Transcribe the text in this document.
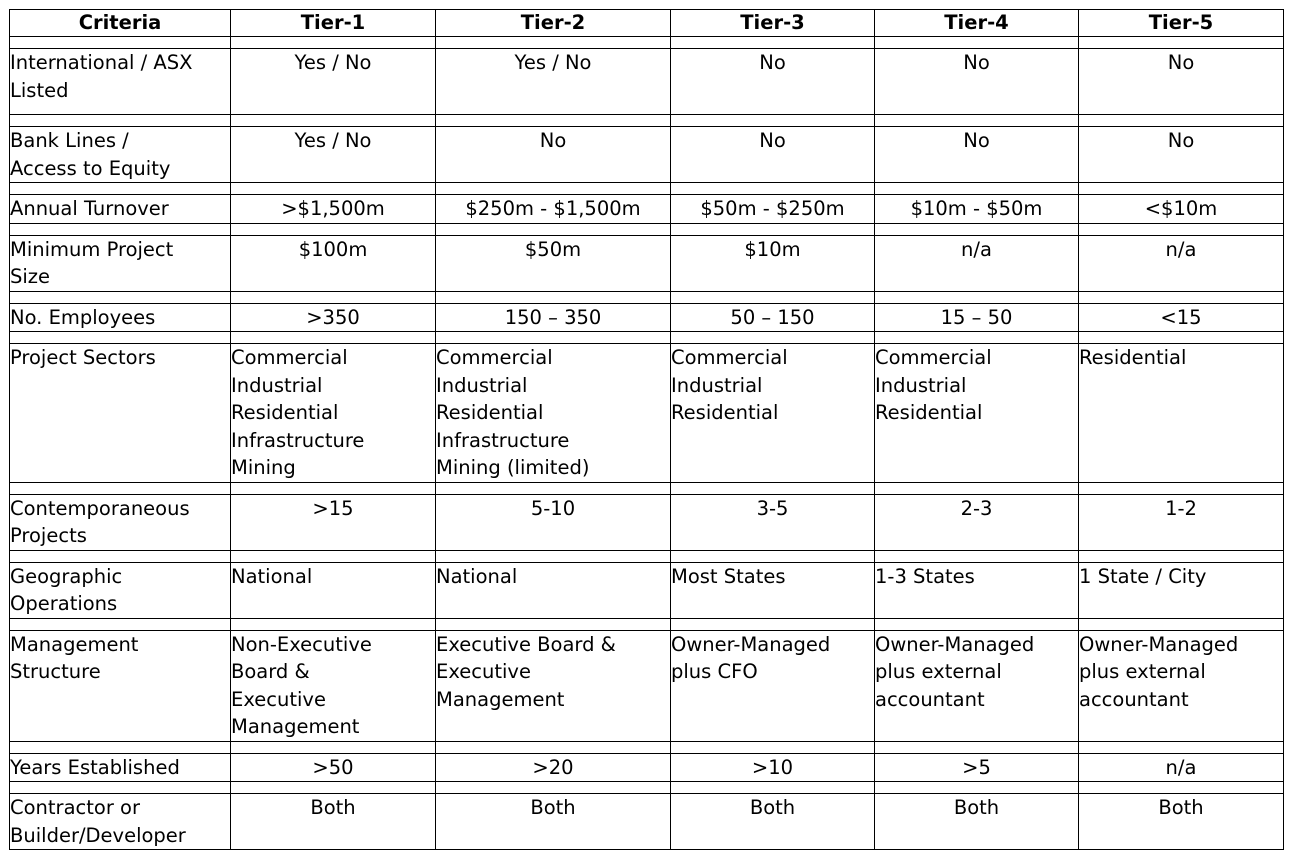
Criteria	Tier-1	Tier-2	Tier-3	Tier-4	Tier-5

International / ASX
Listed	Yes / No	Yes / No	No	No	No

Bank Lines /
Access to Equity	Yes / No	No	No	No	No

Annual Turnover	>$1,500m	$250m - $1,500m	$50m - $250m	$10m - $50m	<$10m

Minimum Project
Size	$100m	$50m	$10m	n/a	n/a

No. Employees	>350	150 – 350	50 – 150	15 – 50	<15

Project Sectors	Commercial
Industrial
Residential
Infrastructure
Mining	Commercial
Industrial
Residential
Infrastructure
Mining (limited)	Commercial
Industrial
Residential	Commercial
Industrial
Residential	Residential

Contemporaneous
Projects	>15	5-10	3-5	2-3	1-2

Geographic
Operations	National	National	Most States	1-3 States	1 State / City

Management
Structure	Non-Executive
Board &
Executive
Management	Executive Board &
Executive
Management	Owner-Managed
plus CFO	Owner-Managed
plus external
accountant	Owner-Managed
plus external
accountant

Years Established	>50	>20	>10	>5	n/a

Contractor or
Builder/Developer	Both	Both	Both	Both	Both
